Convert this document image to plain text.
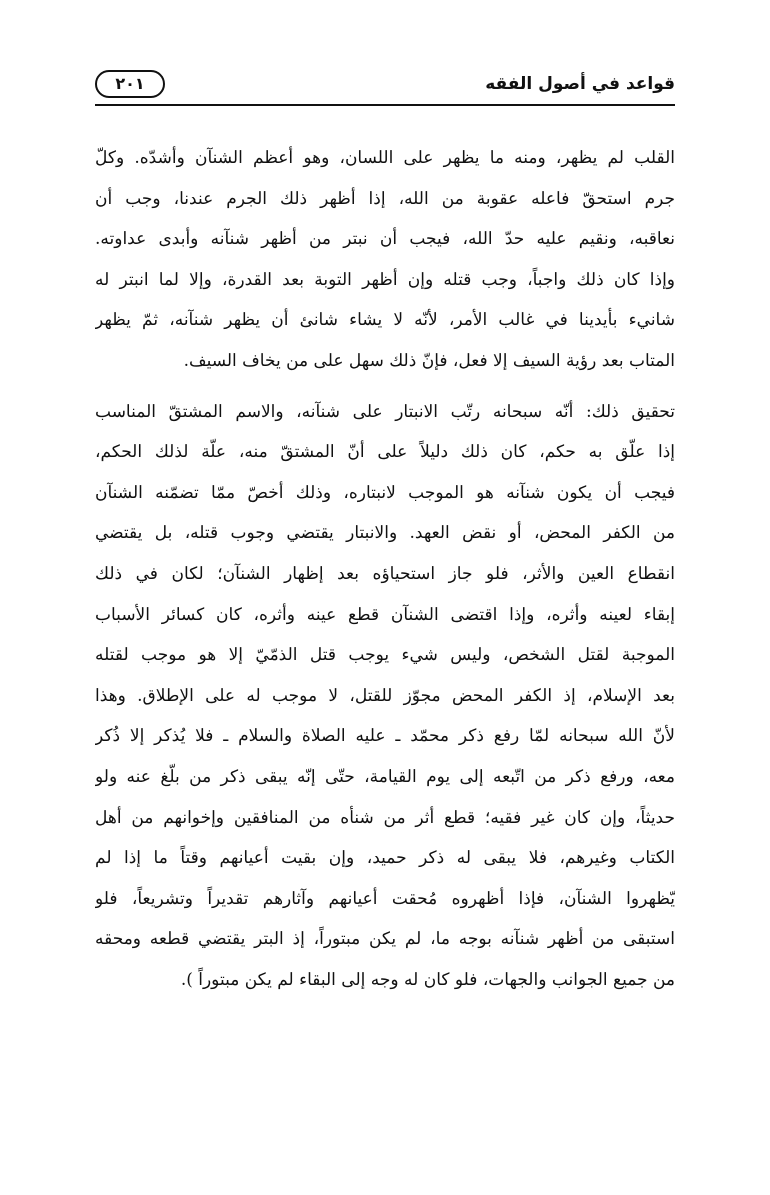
٢٠١	قواعد في أصول الفقه
القلب لم يظهر، ومنه ما يظهر على اللسان، وهو أعظم الشنآن وأشدّه. وكلّ
جرم استحقّ فاعله عقوبة من الله، إذا أظهر ذلك الجرم عندنا، وجب أن
نعاقبه، ونقيم عليه حدّ الله، فيجب أن نبتر من أظهر شنآنه وأبدى عداوته.
وإذا كان ذلك واجباً، وجب قتله وإن أظهر التوبة بعد القدرة، وإلا لما انبتر له
شانيء بأيدينا في غالب الأمر، لأنّه لا يشاء شانئ أن يظهر شنآنه، ثمّ يظهر
المتاب بعد رؤية السيف إلا فعل، فإنّ ذلك سهل على من يخاف السيف.
تحقيق ذلك: أنّه سبحانه رتّب الانبتار على شنآنه، والاسم المشتقّ المناسب
إذا علّق به حكم، كان ذلك دليلاً على أنّ المشتقّ منه، علّة لذلك الحكم،
فيجب أن يكون شنآنه هو الموجب لانبتاره، وذلك أخصّ ممّا تضمّنه الشنآن
من الكفر المحض، أو نقض العهد. والانبتار يقتضي وجوب قتله، بل يقتضي
انقطاع العين والأثر، فلو جاز استحياؤه بعد إظهار الشنآن؛ لكان في ذلك
إبقاء لعينه وأثره، وإذا اقتضى الشنآن قطع عينه وأثره، كان كسائر الأسباب
الموجبة لقتل الشخص، وليس شيء يوجب قتل الذمّيّ إلا هو موجب لقتله
بعد الإسلام، إذ الكفر المحض مجوّز للقتل، لا موجب له على الإطلاق. وهذا
لأنّ الله سبحانه لمّا رفع ذكر محمّد ـ عليه الصلاة والسلام ـ فلا يُذكر إلا ذُكر
معه، ورفع ذكر من اتّبعه إلى يوم القيامة، حتّى إنّه يبقى ذكر من بلّغ عنه ولو
حديثاً، وإن كان غير فقيه؛ قطع أثر من شنأه من المنافقين وإخوانهم من أهل
الكتاب وغيرهم، فلا يبقى له ذكر حميد، وإن بقيت أعيانهم وقتاً ما إذا لم
يّظهروا الشنآن، فإذا أظهروه مُحقت أعيانهم وآثارهم تقديراً وتشريعاً، فلو
استبقى من أظهر شنآنه بوجه ما، لم يكن مبتوراً، إذ البتر يقتضي قطعه ومحقه
من جميع الجوانب والجهات، فلو كان له وجه إلى البقاء لم يكن مبتوراً ).
